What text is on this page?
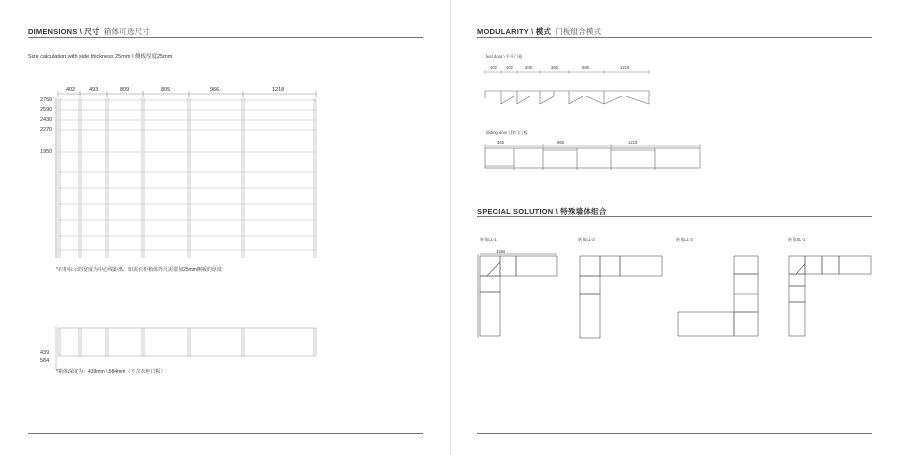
DIMENSIONS \ 尺寸 箱体可选尺寸
Size calculation with side thickness 25mm \ 侧板厚度25mm
402	493	809	805	966	1218
2750
2590
2430
2270
1950
*衣柜标示的宽度为中心线距离，如需衣柜箱体外尺需要加25mm侧板的厚度
439
584
*箱体深度为：439mm \ 584mm（不含衣柜门板）
MODULARITY \ 模式 门板组合模式
leaf door \ 平开门板
402 402	306	365	966	1218
sliding door \ 移门门板
365	966	1218
SPECIAL SOLUTION \ 特殊墙体组合
转角LL-1
1586
转角LL-2	转角LL-3	转角SL-1
